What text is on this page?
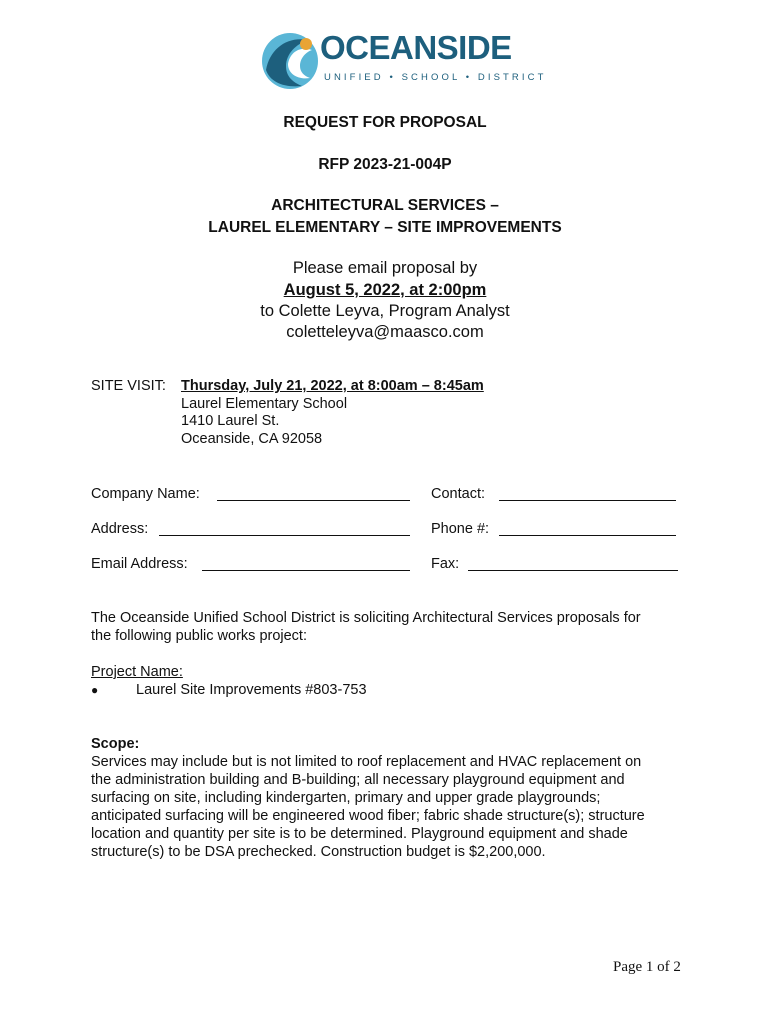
OCEANSIDE
UNIFIED • SCHOOL • DISTRICT
REQUEST FOR PROPOSAL
RFP 2023-21-004P
ARCHITECTURAL SERVICES –
LAUREL ELEMENTARY – SITE IMPROVEMENTS
Please email proposal by
August 5, 2022, at 2:00pm
to Colette Leyva, Program Analyst
coletteleyva@maasco.com
SITE VISIT: Thursday, July 21, 2022, at 8:00am – 8:45am
Laurel Elementary School
1410 Laurel St.
Oceanside, CA 92058
Company Name:	Contact:
Address:	Phone #:
Email Address:	Fax:
The Oceanside Unified School District is soliciting Architectural Services proposals for
the following public works project:
Project Name:
●	Laurel Site Improvements #803-753
Scope:
Services may include but is not limited to roof replacement and HVAC replacement on
the administration building and B-building; all necessary playground equipment and
surfacing on site, including kindergarten, primary and upper grade playgrounds;
anticipated surfacing will be engineered wood fiber; fabric shade structure(s); structure
location and quantity per site is to be determined. Playground equipment and shade
structure(s) to be DSA prechecked. Construction budget is $2,200,000.
Page 1 of 2
